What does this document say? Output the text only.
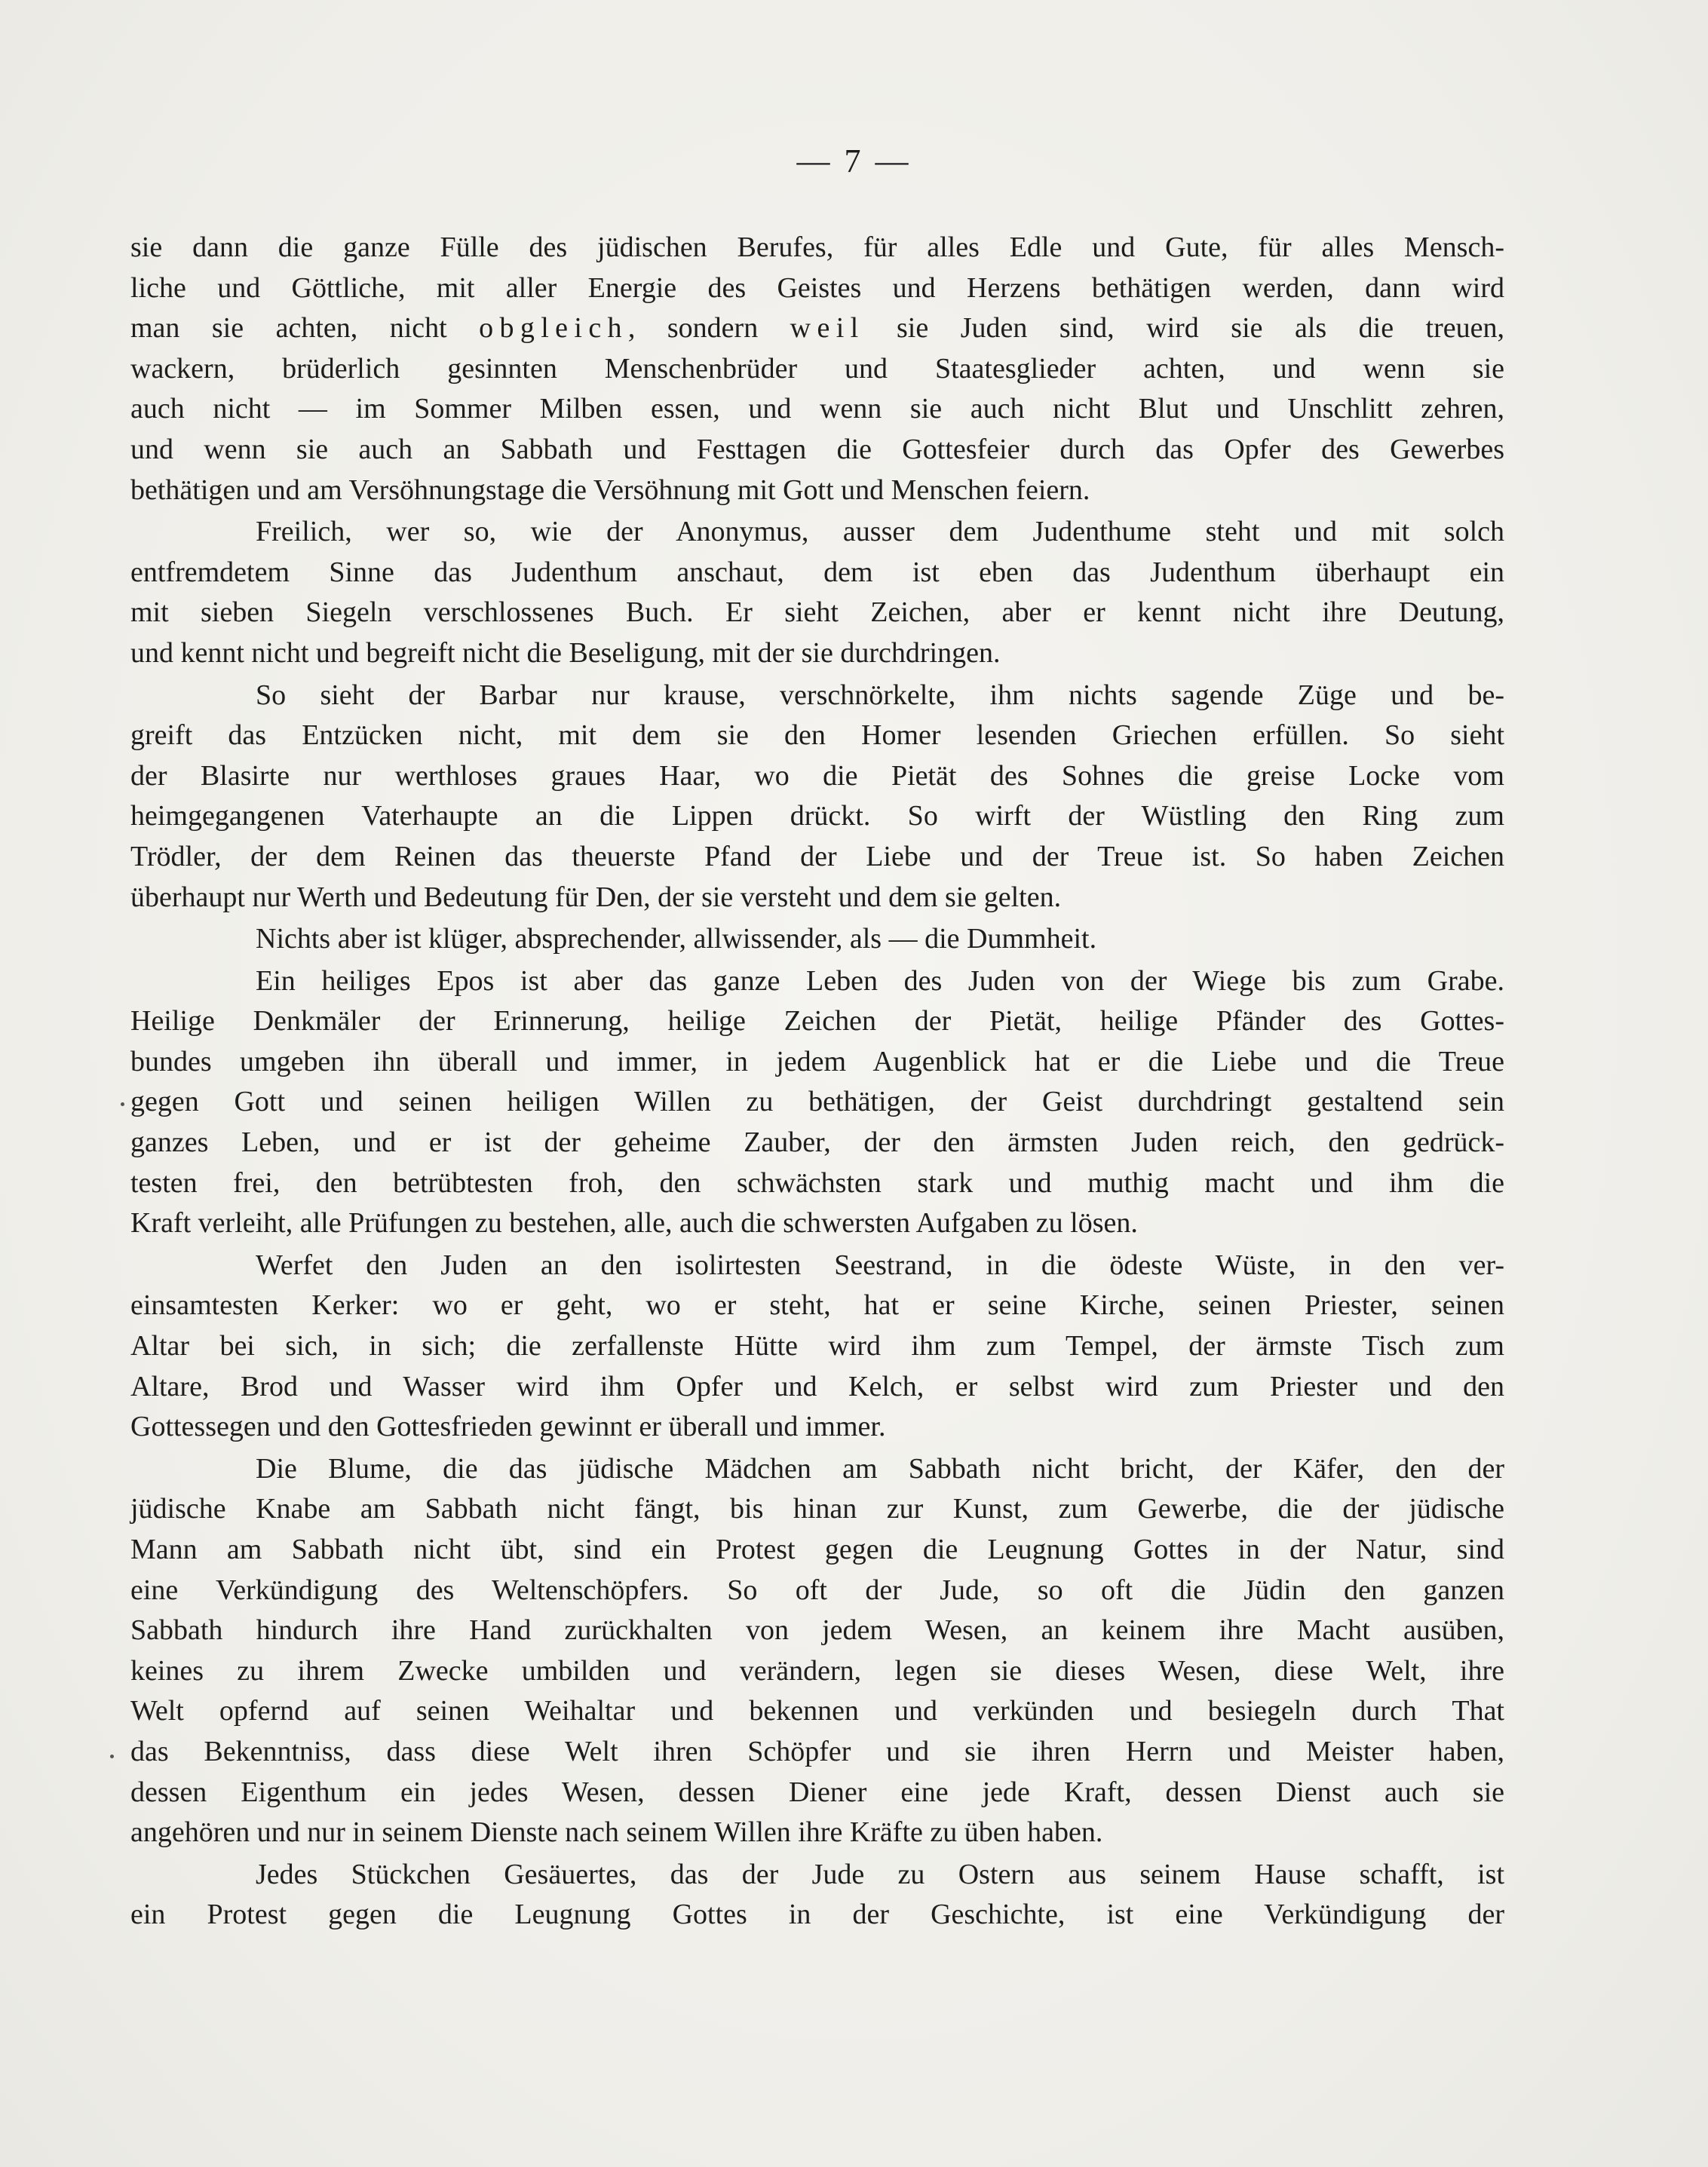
— 7 —
sie dann die ganze Fülle des jüdischen Berufes, für alles Edle und Gute, für alles Mensch-
liche und Göttliche, mit aller Energie des Geistes und Herzens bethätigen werden, dann wird
man sie achten, nicht obgleich, sondern weil sie Juden sind, wird sie als die treuen,
wackern, brüderlich gesinnten Menschenbrüder und Staatesglieder achten, und wenn sie
auch nicht — im Sommer Milben essen, und wenn sie auch nicht Blut und Unschlitt zehren,
und wenn sie auch an Sabbath und Festtagen die Gottesfeier durch das Opfer des Gewerbes
bethätigen und am Versöhnungstage die Versöhnung mit Gott und Menschen feiern.
Freilich, wer so, wie der Anonymus, ausser dem Judenthume steht und mit solch
entfremdetem Sinne das Judenthum anschaut, dem ist eben das Judenthum überhaupt ein
mit sieben Siegeln verschlossenes Buch. Er sieht Zeichen, aber er kennt nicht ihre Deutung,
und kennt nicht und begreift nicht die Beseligung, mit der sie durchdringen.
So sieht der Barbar nur krause, verschnörkelte, ihm nichts sagende Züge und be-
greift das Entzücken nicht, mit dem sie den Homer lesenden Griechen erfüllen. So sieht
der Blasirte nur werthloses graues Haar, wo die Pietät des Sohnes die greise Locke vom
heimgegangenen Vaterhaupte an die Lippen drückt. So wirft der Wüstling den Ring zum
Trödler, der dem Reinen das theuerste Pfand der Liebe und der Treue ist. So haben Zeichen
überhaupt nur Werth und Bedeutung für Den, der sie versteht und dem sie gelten.
Nichts aber ist klüger, absprechender, allwissender, als — die Dummheit.
Ein heiliges Epos ist aber das ganze Leben des Juden von der Wiege bis zum Grabe.
Heilige Denkmäler der Erinnerung, heilige Zeichen der Pietät, heilige Pfänder des Gottes-
bundes umgeben ihn überall und immer, in jedem Augenblick hat er die Liebe und die Treue
gegen Gott und seinen heiligen Willen zu bethätigen, der Geist durchdringt gestaltend sein
ganzes Leben, und er ist der geheime Zauber, der den ärmsten Juden reich, den gedrück-
testen frei, den betrübtesten froh, den schwächsten stark und muthig macht und ihm die
Kraft verleiht, alle Prüfungen zu bestehen, alle, auch die schwersten Aufgaben zu lösen.
Werfet den Juden an den isolirtesten Seestrand, in die ödeste Wüste, in den ver-
einsamtesten Kerker: wo er geht, wo er steht, hat er seine Kirche, seinen Priester, seinen
Altar bei sich, in sich; die zerfallenste Hütte wird ihm zum Tempel, der ärmste Tisch zum
Altare, Brod und Wasser wird ihm Opfer und Kelch, er selbst wird zum Priester und den
Gottessegen und den Gottesfrieden gewinnt er überall und immer.
Die Blume, die das jüdische Mädchen am Sabbath nicht bricht, der Käfer, den der
jüdische Knabe am Sabbath nicht fängt, bis hinan zur Kunst, zum Gewerbe, die der jüdische
Mann am Sabbath nicht übt, sind ein Protest gegen die Leugnung Gottes in der Natur, sind
eine Verkündigung des Weltenschöpfers. So oft der Jude, so oft die Jüdin den ganzen
Sabbath hindurch ihre Hand zurückhalten von jedem Wesen, an keinem ihre Macht ausüben,
keines zu ihrem Zwecke umbilden und verändern, legen sie dieses Wesen, diese Welt, ihre
Welt opfernd auf seinen Weihaltar und bekennen und verkünden und besiegeln durch That
das Bekenntniss, dass diese Welt ihren Schöpfer und sie ihren Herrn und Meister haben,
dessen Eigenthum ein jedes Wesen, dessen Diener eine jede Kraft, dessen Dienst auch sie
angehören und nur in seinem Dienste nach seinem Willen ihre Kräfte zu üben haben.
Jedes Stückchen Gesäuertes, das der Jude zu Ostern aus seinem Hause schafft, ist
ein Protest gegen die Leugnung Gottes in der Geschichte, ist eine Verkündigung der
